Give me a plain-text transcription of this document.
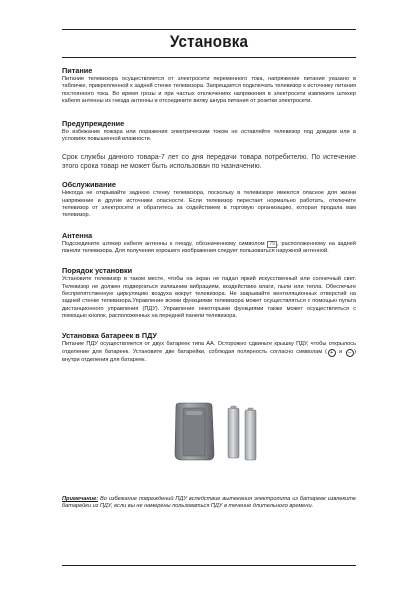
Установка
Питание

Питание телевизора осуществляется от электросети переменного тока, напряжение питания указано в табличке, прикрепленной к задней стенке телевизора. Запрещается подключать телевизор к источнику питания постоянного тока. Во время грозы и при частых отключениях напряжения в электросети извлеките штекер кабеля антенны из гнезда антенны и отсоедините вилку шнура питания от розетки электросети.

Предупреждение

Во избежание пожара или поражения электрическим током не оставляйте телевизор под дождем или в условиях повышенной влажности.

Срок службы данного товара-7 лет со дня передачи товара потребителю. По истечение этого срока товар не может быть использован по назначению.

Обслуживание

Никогда не открывайте заднюю стенку телевизора, поскольку в телевизоре имеются опасное для жизни напряжение и другие источники опасности. Если телевизор перестает нормально работать, отключите телевизор от электросети и обратитесь за содействием в торговую организацию, которая продала вам телевизор.

Антенна

Подсоедините штекер кабеля антенны к гнезду, обозначенному символом 75 , расположенному на задней панели телевизора. Для получения хорошего изображения следует пользоваться наружной антенной.

Порядок установки

Установите телевизор в таком месте, чтобы на экран не падал яркий искусственный или солнечный свет. Телевизор не должен подвергаться излишним вибрациям, воздействию влаги, пыли или тепла. Обеспечьте беспрепятственную циркуляцию воздуха вокруг телевизора. Не закрывайте вентиляционных отверстий на задней стенке телевизора.Управление всеми функциями телевизора может осуществляться с помощью пульта дистанционного управления (ПДУ). Управление некоторыми функциями также может осуществляться с помощью кнопок, расположенных на передней панели телевизора.

Установка батареек в ПДУ

Питание ПДУ осуществляется от двух батареек типа АА. Осторожно сдвиньте крышку ПДУ, чтобы открылось отделение для батареек. Установите две батарейки, соблюдая полярность согласно символам ( + и – ) внутри отделения для батареек.

Примечание: Во избежание повреждений ПДУ вследствие вытекания электролита из батареек извлеките батарейки из ПДУ, если вы не намерены пользоваться ПДУ в течение длительного времени.
